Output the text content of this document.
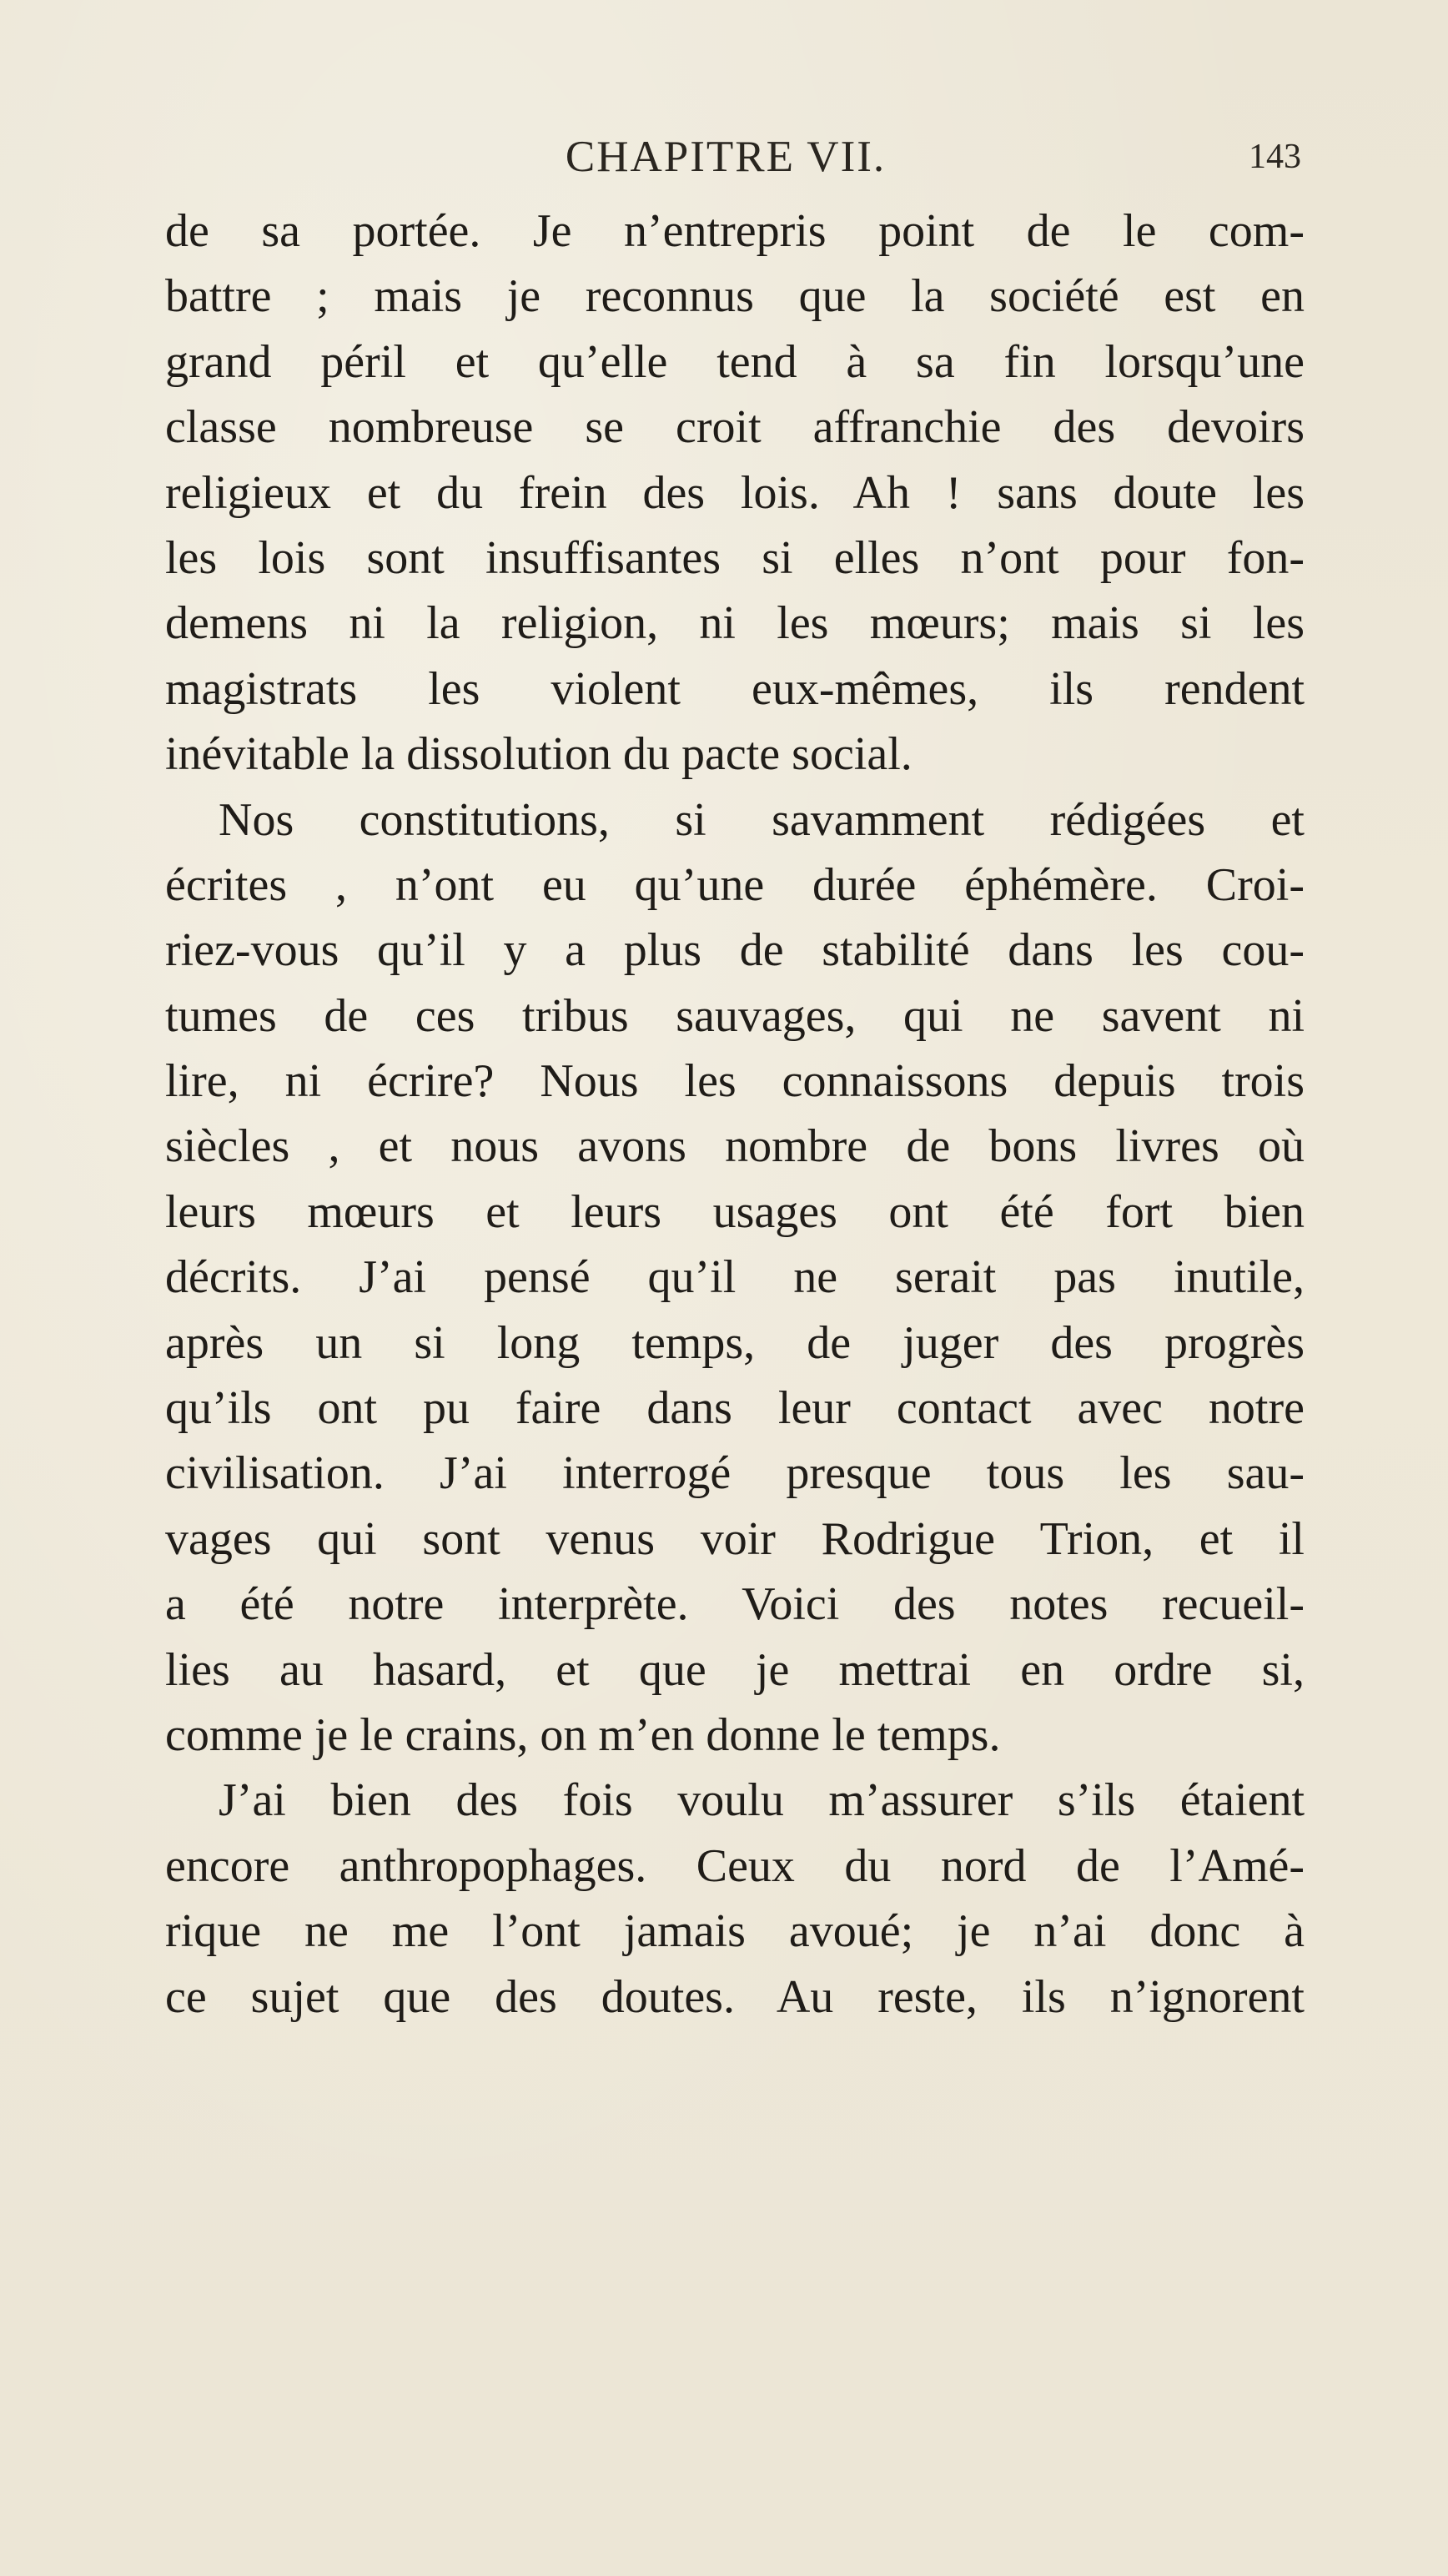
CHAPITRE VII.	143
de sa portée. Je n’entrepris point de le com-
battre ; mais je reconnus que la société est en
grand péril et qu’elle tend à sa fin lorsqu’une
classe nombreuse se croit affranchie des devoirs
religieux et du frein des lois. Ah ! sans doute les
les lois sont insuffisantes si elles n’ont pour fon-
demens ni la religion, ni les mœurs; mais si les
magistrats les violent eux-mêmes, ils rendent
inévitable la dissolution du pacte social.
Nos constitutions, si savamment rédigées et
écrites , n’ont eu qu’une durée éphémère. Croi-
riez-vous qu’il y a plus de stabilité dans les cou-
tumes de ces tribus sauvages, qui ne savent ni
lire, ni écrire? Nous les connaissons depuis trois
siècles , et nous avons nombre de bons livres où
leurs mœurs et leurs usages ont été fort bien
décrits. J’ai pensé qu’il ne serait pas inutile,
après un si long temps, de juger des progrès
qu’ils ont pu faire dans leur contact avec notre
civilisation. J’ai interrogé presque tous les sau-
vages qui sont venus voir Rodrigue Trion, et il
a été notre interprète. Voici des notes recueil-
lies au hasard, et que je mettrai en ordre si,
comme je le crains, on m’en donne le temps.
J’ai bien des fois voulu m’assurer s’ils étaient
encore anthropophages. Ceux du nord de l’Amé-
rique ne me l’ont jamais avoué; je n’ai donc à
ce sujet que des doutes. Au reste, ils n’ignorent
